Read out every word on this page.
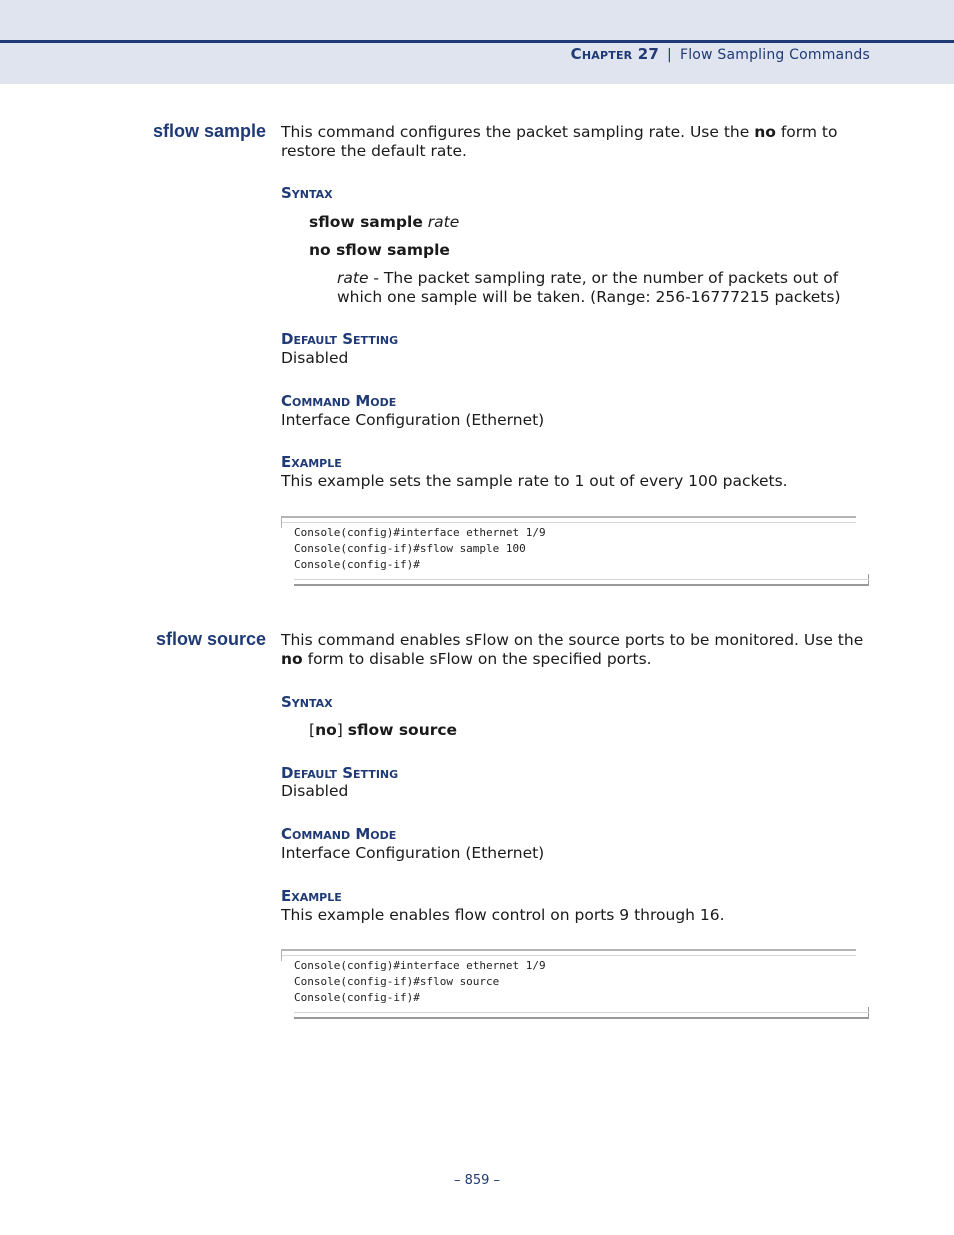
Chapter 27 | Flow Sampling Commands
sflow sample This command configures the packet sampling rate. Use the no form to restore the default rate.
Syntax
sflow sample rate
no sflow sample
rate - The packet sampling rate, or the number of packets out of which one sample will be taken. (Range: 256-16777215 packets)
Default Setting
Disabled
Command Mode
Interface Configuration (Ethernet)
Example
This example sets the sample rate to 1 out of every 100 packets.
Console(config)#interface ethernet 1/9
Console(config-if)#sflow sample 100
Console(config-if)#
sflow source This command enables sFlow on the source ports to be monitored. Use the no form to disable sFlow on the specified ports.
Syntax
[no] sflow source
Default Setting
Disabled
Command Mode
Interface Configuration (Ethernet)
Example
This example enables flow control on ports 9 through 16.
Console(config)#interface ethernet 1/9
Console(config-if)#sflow source
Console(config-if)#
– 859 –
